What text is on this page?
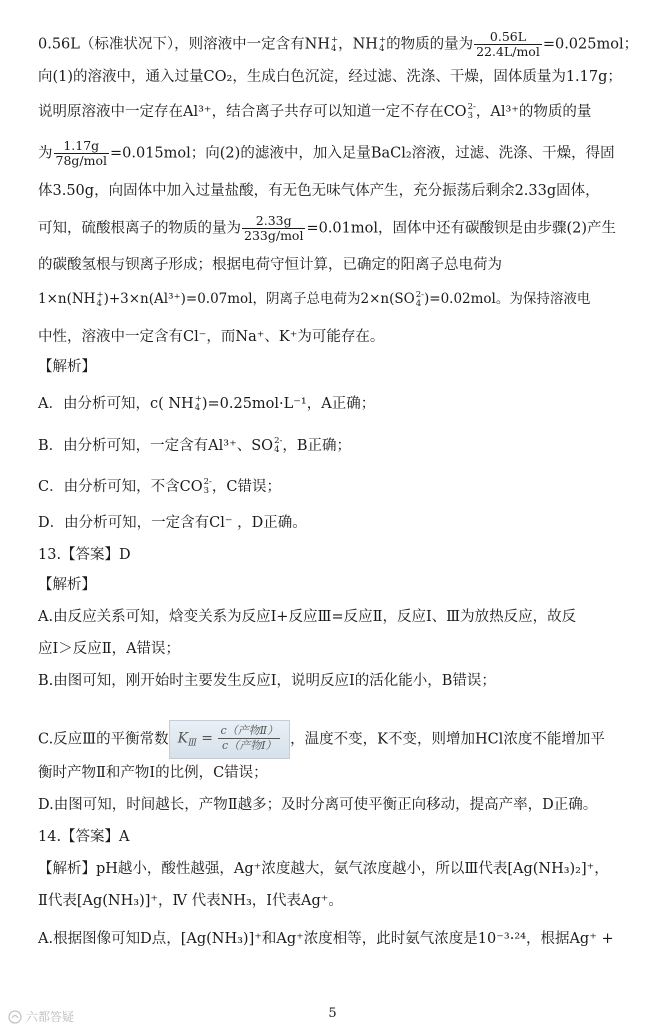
0.56L（标准状况下），则溶液中一定含有NH +
4 ，NH +
4 的物质的量为 $\frac{0.56L}{\text{22.4L/mol}} =0.025mol$；
向(1)的溶液中，通入过量CO₂，生成白色沉淀，经过滤、洗涤、干燥，固体质量为1.17g；
说明原溶液中一定存在Al³⁺，结合离子共存可以知道一定不存在CO 2-
3 ，Al³⁺的物质的量
为 $\frac{1.17g}{\text{78g/mol}} =0.015mol$；向(2)的滤液中，加入足量BaCl₂溶液，过滤、洗涤、干燥，得固
体3.50g，向固体中加入过量盐酸，有无色无味气体产生，充分振荡后剩余2.33g固体，
可知，硫酸根离子的物质的量为 $\frac{2.33g}{\text{233g/mol}} =0.01mol$，固体中还有碳酸钡是由步骤(2)产生
的碳酸氢根与钡离子形成；根据电荷守恒计算，已确定的阳离子总电荷为
1×n(NH +
4 )+3×n(Al³⁺)=0.07mol，阴离子总电荷为2×n(SO 2-
4 )=0.02mol。为保持溶液电
中性，溶液中一定含有Cl⁻，而Na⁺、K⁺为可能存在。
【解析】
A．由分析可知，c( NH +
4 )=0.25mol·L⁻¹，A正确；
B．由分析可知，一定含有Al³⁺、SO 2-
4 ，B正确；
C．由分析可知，不含CO 2-
3 ，C错误；
D．由分析可知，一定含有Cl⁻ ，D正确。
13.【答案】D
【解析】
A.由反应关系可知，焓变关系为反应Ⅰ+反应Ⅲ=反应Ⅱ，反应Ⅰ、Ⅲ为放热反应，故反
应Ⅰ＞反应Ⅱ，A错误；
B.由图可知，刚开始时主要发生反应Ⅰ，说明反应Ⅰ的活化能小，B错误；
C.反应Ⅲ的平衡常数 $K_Ⅲ = \frac{\text{c（产物Ⅱ）}}{\text{c（产物Ⅰ）}}$ ，温度不变，K不变，则增加HCl浓度不能增加平
衡时产物Ⅱ和产物Ⅰ的比例，C错误；
D.由图可知，时间越长，产物Ⅱ越多；及时分离可使平衡正向移动，提高产率，D正确。
14.【答案】A
【解析】pH越小，酸性越强，Ag⁺浓度越大，氨气浓度越小，所以Ⅲ代表[Ag(NH₃)₂]⁺，
Ⅱ代表[Ag(NH₃)]⁺，Ⅳ 代表NH₃，Ⅰ代表Ag⁺。
A.根据图像可知D点，[Ag(NH₃)]⁺和Ag⁺浓度相等，此时氨气浓度是10⁻³·²⁴，根据Ag⁺ +
六都答疑	5
